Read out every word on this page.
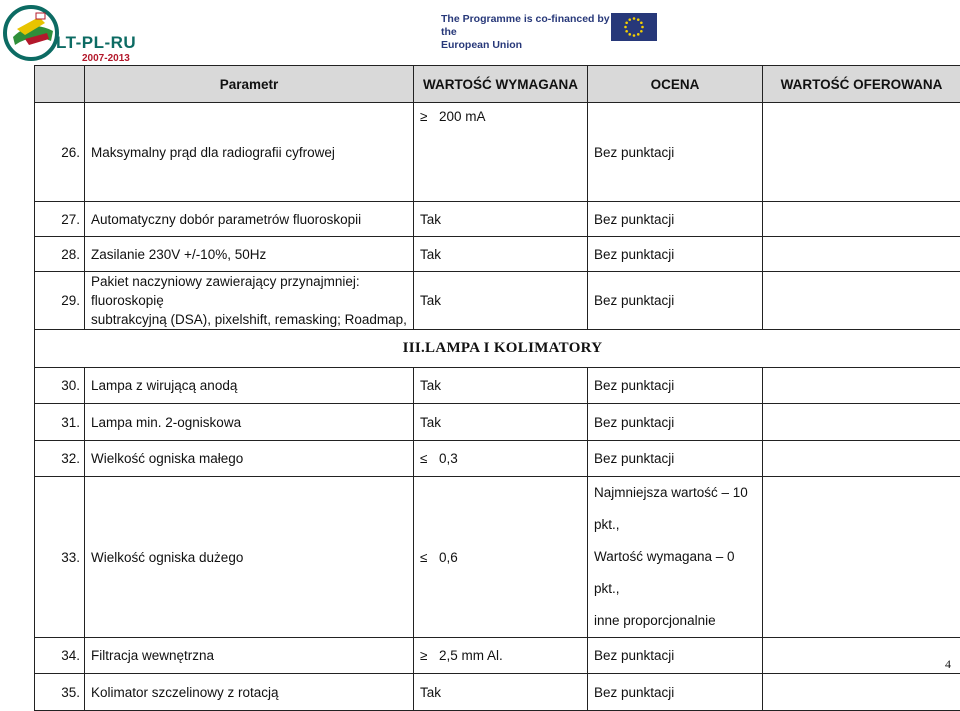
LT-PL-RU
2007-2013
The Programme is co-financed by the
European Union
	Parametr	WARTOŚĆ WYMAGANA	OCENA	WARTOŚĆ OFEROWANA
26.	Maksymalny prąd dla radiografii cyfrowej	≥ 200 mA	Bez punktacji	
27.	Automatyczny dobór parametrów fluoroskopii	Tak	Bez punktacji	
28.	Zasilanie 230V +/-10%, 50Hz	Tak	Bez punktacji	
29.	Pakiet naczyniowy zawierający przynajmniej: fluoroskopię
subtrakcyjną (DSA), pixelshift, remasking; Roadmap,	Tak	Bez punktacji	
III.LAMPA I KOLIMATORY				
30.	Lampa z wirującą anodą	Tak	Bez punktacji	
31.	Lampa min. 2-ogniskowa	Tak	Bez punktacji	
32.	Wielkość ogniska małego	≤ 0,3	Bez punktacji	
33.	Wielkość ogniska dużego	≤ 0,6	Najmniejsza wartość – 10 pkt.,
Wartość wymagana – 0 pkt.,
inne proporcjonalnie	

34.	Filtracja wewnętrzna	≥ 2,5 mm Al.	Bez punktacji	
35.	Kolimator szczelinowy z rotacją	Tak	Bez punktacji	
4
